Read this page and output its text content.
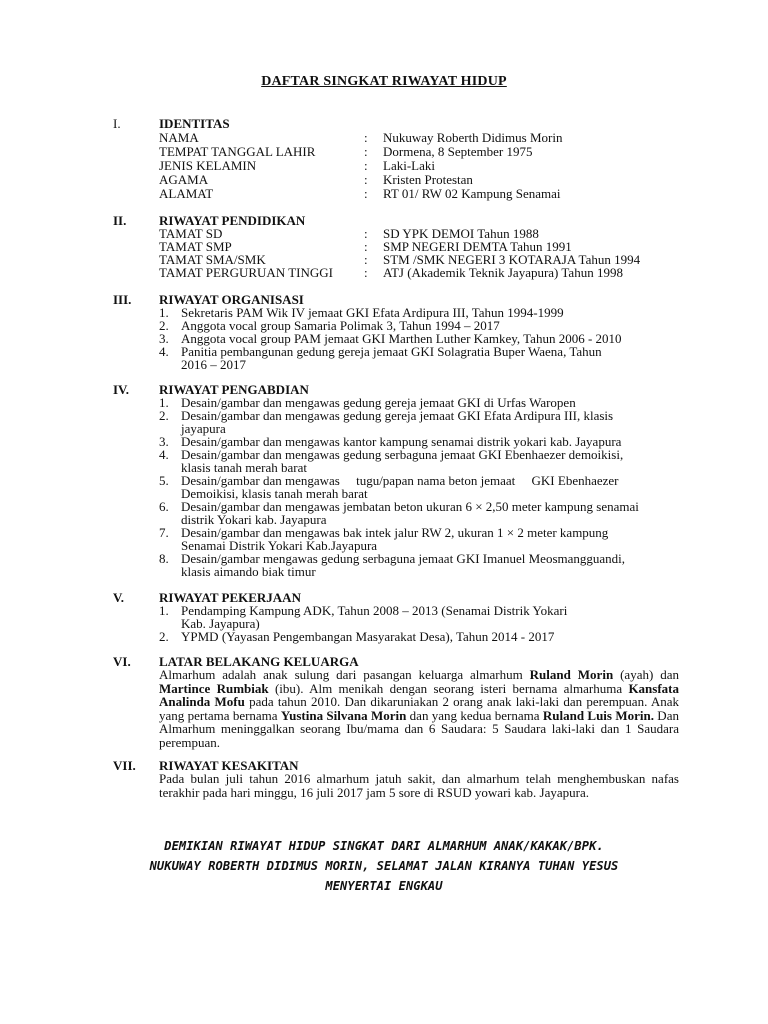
DAFTAR SINGKAT RIWAYAT HIDUP
I.	IDENTITAS
NAMA	: Nukuway Roberth Didimus Morin
TEMPAT TANGGAL LAHIR	: Dormena, 8 September 1975
JENIS KELAMIN	: Laki-Laki
AGAMA	: Kristen Protestan
ALAMAT	: RT 01/ RW 02 Kampung Senamai
II.	RIWAYAT PENDIDIKAN
TAMAT SD	: SD YPK DEMOI Tahun 1988
TAMAT SMP	: SMP NEGERI DEMTA Tahun 1991
TAMAT SMA/SMK	: STM /SMK NEGERI 3 KOTARAJA Tahun 1994
TAMAT PERGURUAN TINGGI : ATJ (Akademik Teknik Jayapura) Tahun 1998
III. RIWAYAT ORGANISASI
1. Sekretaris PAM Wik IV jemaat GKI Efata Ardipura III, Tahun 1994-1999
2. Anggota vocal group Samaria Polimak 3, Tahun 1994 – 2017
3. Anggota vocal group PAM jemaat GKI Marthen Luther Kamkey, Tahun 2006 - 2010
4. Panitia pembangunan gedung gereja jemaat GKI Solagratia Buper Waena, Tahun
2016 – 2017
IV. RIWAYAT PENGABDIAN
1. Desain/gambar dan mengawas gedung gereja jemaat GKI di Urfas Waropen
2. Desain/gambar dan mengawas gedung gereja jemaat GKI Efata Ardipura III, klasis
jayapura
3. Desain/gambar dan mengawas kantor kampung senamai distrik yokari kab. Jayapura
4. Desain/gambar dan mengawas gedung serbaguna jemaat GKI Ebenhaezer demoikisi,
klasis tanah merah barat
5. Desain/gambar dan mengawas     tugu/papan nama beton jemaat     GKI Ebenhaezer
Demoikisi, klasis tanah merah barat
6. Desain/gambar dan mengawas jembatan beton ukuran 6 × 2,50 meter kampung senamai
distrik Yokari kab. Jayapura
7. Desain/gambar dan mengawas bak intek jalur RW 2, ukuran 1 × 2 meter kampung
Senamai Distrik Yokari Kab.Jayapura
8. Desain/gambar mengawas gedung serbaguna jemaat GKI Imanuel Meosmangguandi,
klasis aimando biak timur
V.	RIWAYAT PEKERJAAN
1. Pendamping Kampung ADK, Tahun 2008 – 2013 (Senamai Distrik Yokari
Kab. Jayapura)
2. YPMD (Yayasan Pengembangan Masyarakat Desa), Tahun 2014 - 2017
VI. LATAR BELAKANG KELUARGA
Almarhum adalah anak sulung dari pasangan keluarga almarhum Ruland Morin (ayah) dan Martince Rumbiak (ibu). Alm menikah dengan seorang isteri bernama almarhuma Kansfata Analinda Mofu pada tahun 2010. Dan dikaruniakan 2 orang anak laki-laki dan perempuan. Anak yang pertama bernama Yustina Silvana Morin dan yang kedua bernama Ruland Luis Morin. Dan Almarhum meninggalkan seorang Ibu/mama dan 6 Saudara: 5 Saudara laki-laki dan 1 Saudara perempuan.
VII. RIWAYAT KESAKITAN
Pada bulan juli tahun 2016 almarhum jatuh sakit, dan almarhum telah menghembuskan nafas terakhir pada hari minggu, 16 juli 2017 jam 5 sore di RSUD yowari kab. Jayapura.
DEMIKIAN RIWAYAT HIDUP SINGKAT DARI ALMARHUM ANAK/KAKAK/BPK.
NUKUWAY ROBERTH DIDIMUS MORIN, SELAMAT JALAN KIRANYA TUHAN YESUS
MENYERTAI ENGKAU
